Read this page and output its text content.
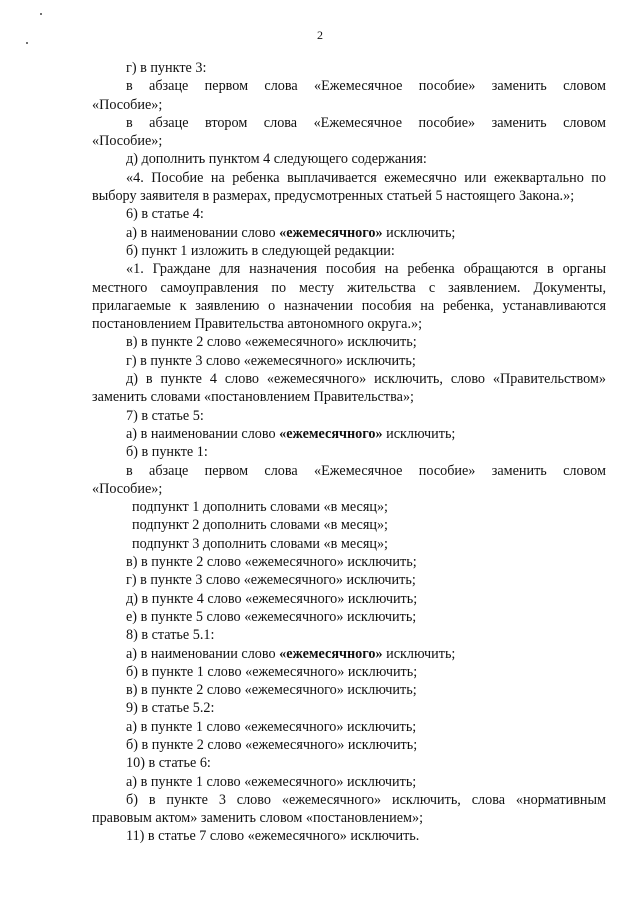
2

г) в пункте 3:

в абзаце первом слова «Ежемесячное пособие» заменить словом

«Пособие»;

в абзаце втором слова «Ежемесячное пособие» заменить словом

«Пособие»;

д) дополнить пунктом 4 следующего содержания:

«4. Пособие на ребенка выплачивается ежемесячно или ежеквартально по

выбору заявителя в размерах, предусмотренных статьей 5 настоящего Закона.»;

6) в статье 4:

а) в наименовании слово «ежемесячного» исключить;

б) пункт 1 изложить в следующей редакции:

«1. Граждане для назначения пособия на ребенка обращаются в органы

местного самоуправления по месту жительства с заявлением. Документы,

прилагаемые к заявлению о назначении пособия на ребенка, устанавливаются

постановлением Правительства автономного округа.»;

в) в пункте 2 слово «ежемесячного» исключить;

г) в пункте 3 слово «ежемесячного» исключить;

д) в пункте 4 слово «ежемесячного» исключить, слово «Правительством»

заменить словами «постановлением Правительства»;

7) в статье 5:

а) в наименовании слово «ежемесячного» исключить;

б) в пункте 1:

в абзаце первом слова «Ежемесячное пособие» заменить словом

«Пособие»;

подпункт 1 дополнить словами «в месяц»;

подпункт 2 дополнить словами «в месяц»;

подпункт 3 дополнить словами «в месяц»;

в) в пункте 2 слово «ежемесячного» исключить;

г) в пункте 3 слово «ежемесячного» исключить;

д) в пункте 4 слово «ежемесячного» исключить;

е) в пункте 5 слово «ежемесячного» исключить;

8) в статье 5.1:

а) в наименовании слово «ежемесячного» исключить;

б) в пункте 1 слово «ежемесячного» исключить;

в) в пункте 2 слово «ежемесячного» исключить;

9) в статье 5.2:

а) в пункте 1 слово «ежемесячного» исключить;

б) в пункте 2 слово «ежемесячного» исключить;

10) в статье 6:

а) в пункте 1 слово «ежемесячного» исключить;

б) в пункте 3 слово «ежемесячного» исключить, слова «нормативным

правовым актом» заменить словом «постановлением»;

11) в статье 7 слово «ежемесячного» исключить.
